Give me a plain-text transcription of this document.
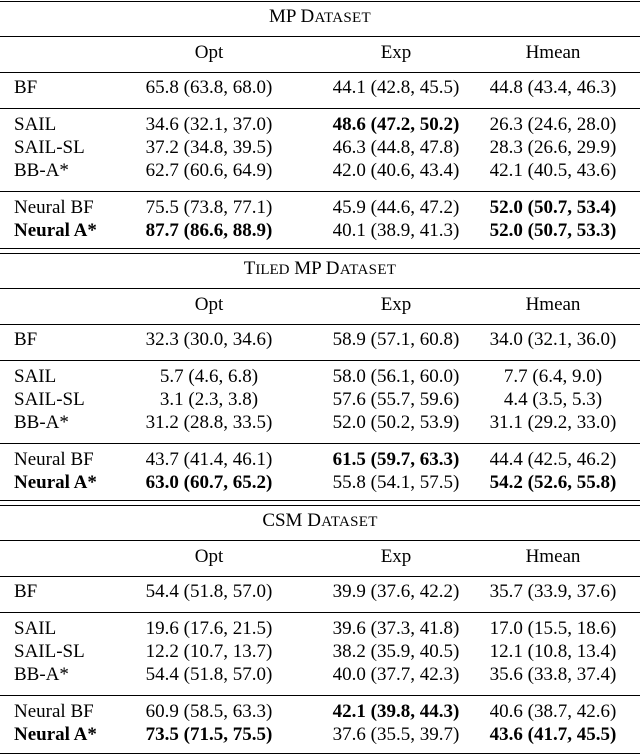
MP DATASET
Opt	Exp	Hmean
BF	65.8 (63.8, 68.0)	44.1 (42.8, 45.5)	44.8 (43.4, 46.3)
SAIL	34.6 (32.1, 37.0)	48.6 (47.2, 50.2)	26.3 (24.6, 28.0)
SAIL-SL	37.2 (34.8, 39.5)	46.3 (44.8, 47.8)	28.3 (26.6, 29.9)
BB-A*	62.7 (60.6, 64.9)	42.0 (40.6, 43.4)	42.1 (40.5, 43.6)
Neural BF	75.5 (73.8, 77.1)	45.9 (44.6, 47.2)	52.0 (50.7, 53.4)
Neural A*	87.7 (86.6, 88.9)	40.1 (38.9, 41.3)	52.0 (50.7, 53.3)
TILED MP DATASET
Opt	Exp	Hmean
BF	32.3 (30.0, 34.6)	58.9 (57.1, 60.8)	34.0 (32.1, 36.0)
SAIL	5.7 (4.6, 6.8)	58.0 (56.1, 60.0)	7.7 (6.4, 9.0)
SAIL-SL	3.1 (2.3, 3.8)	57.6 (55.7, 59.6)	4.4 (3.5, 5.3)
BB-A*	31.2 (28.8, 33.5)	52.0 (50.2, 53.9)	31.1 (29.2, 33.0)
Neural BF	43.7 (41.4, 46.1)	61.5 (59.7, 63.3)	44.4 (42.5, 46.2)
Neural A*	63.0 (60.7, 65.2)	55.8 (54.1, 57.5)	54.2 (52.6, 55.8)
CSM DATASET
Opt	Exp	Hmean
BF	54.4 (51.8, 57.0)	39.9 (37.6, 42.2)	35.7 (33.9, 37.6)
SAIL	19.6 (17.6, 21.5)	39.6 (37.3, 41.8)	17.0 (15.5, 18.6)
SAIL-SL	12.2 (10.7, 13.7)	38.2 (35.9, 40.5)	12.1 (10.8, 13.4)
BB-A*	54.4 (51.8, 57.0)	40.0 (37.7, 42.3)	35.6 (33.8, 37.4)
Neural BF	60.9 (58.5, 63.3)	42.1 (39.8, 44.3)	40.6 (38.7, 42.6)
Neural A*	73.5 (71.5, 75.5)	37.6 (35.5, 39.7)	43.6 (41.7, 45.5)
